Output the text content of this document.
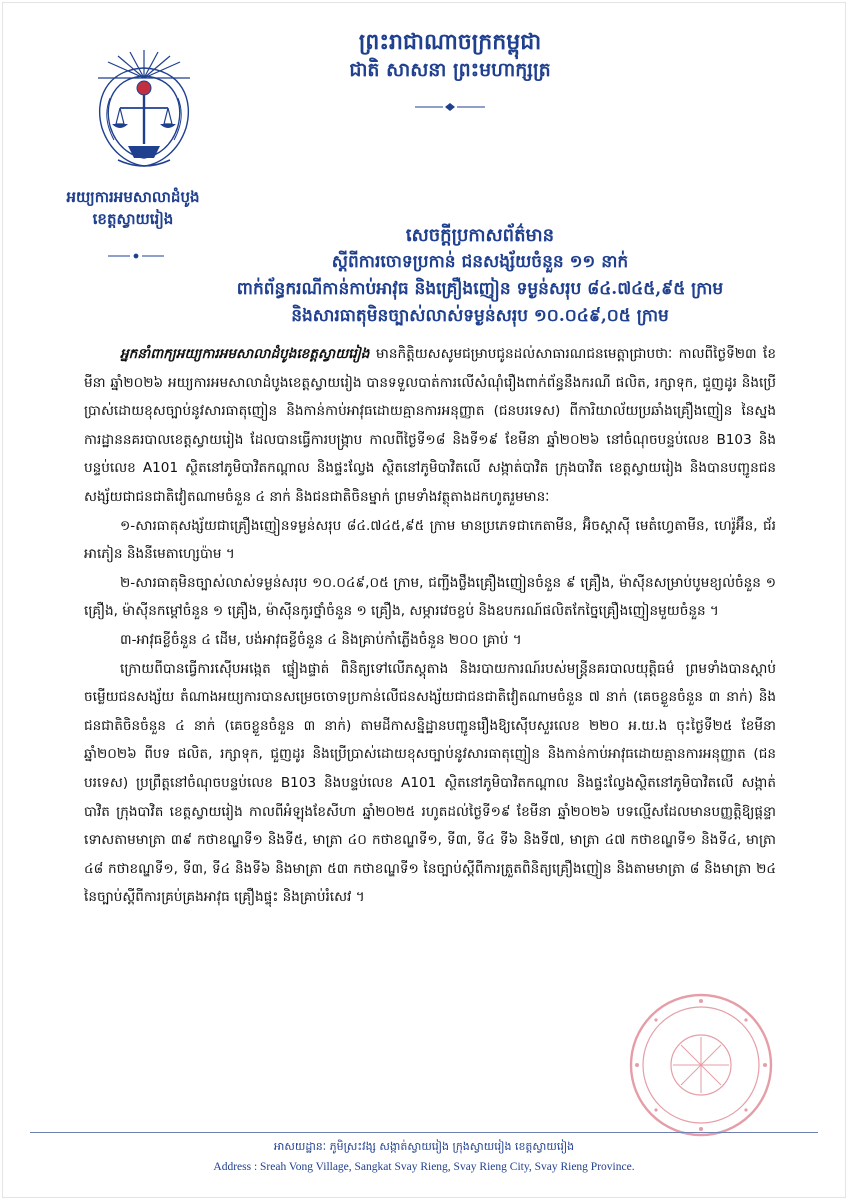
ព្រះរាជាណាចក្រកម្ពុជា
ជាតិ សាសនា ព្រះមហាក្សត្រ
អយ្យការអមសាលាដំបូង
ខេត្តស្វាយរៀង
សេចក្តីប្រកាសព័ត៌មាន
ស្តីពីការចោទប្រកាន់ ជនសង្ស័យចំនួន ១១ នាក់
ពាក់ព័ន្ធករណីកាន់កាប់អាវុធ និងគ្រឿងញៀន ទម្ងន់សរុប ៨៤.៧៤៥,៩៥ ក្រាម
និងសារធាតុមិនច្បាស់លាស់ទម្ងន់សរុប ១០.០៤៩,០៥ ក្រាម

អ្នកនាំពាក្យអយ្យការអមសាលាដំបូងខេត្តស្វាយរៀង មានកិត្តិយសសូមជម្រាបជូនដល់សាធារណជនមេត្តាជ្រាបថាៈ កាលពីថ្ងៃទី២៣ ខែមីនា ឆ្នាំ២០២៦ អយ្យការអមសាលាដំបូងខេត្តស្វាយរៀង បានទទួលបាត់ការលើសំណុំរឿងពាក់ព័ន្ធនឹងករណី ផលិត, រក្សាទុក, ជួញដូរ និងប្រើប្រាស់ដោយខុសច្បាប់នូវសារធាតុញៀន និងកាន់កាប់អាវុធដោយគ្មានការអនុញ្ញាត (ជនបរទេស) ពីការិយាល័យប្រឆាំងគ្រឿងញៀន នៃស្នងការដ្ឋាននគរបាលខេត្តស្វាយរៀង ដែលបានធ្វើការបង្ក្រាប កាលពីថ្ងៃទី១៨ និងទី១៩ ខែមីនា ឆ្នាំ២០២៦ នៅចំណុចបន្ទប់លេខ B103 និងបន្ទប់លេខ A101 ស្ថិតនៅភូមិបាវិតកណ្តាល និងផ្ទះល្វែង ស្ថិតនៅភូមិបាវិតលើ សង្កាត់បាវិត ក្រុងបាវិត ខេត្តស្វាយរៀង និងបានបញ្ជូនជនសង្ស័យជាជនជាតិវៀតណាមចំនួន ៤ នាក់ និងជនជាតិចិនម្នាក់ ព្រមទាំងវត្ថុតាងដកហូតរួមមានៈ

១-សារធាតុសង្ស័យជាគ្រឿងញៀនទម្ងន់សរុប ៨៤.៧៤៥,៩៥ ក្រាម មានប្រភេទជាកេតាមីន, អ៊ិចស្តាស៊ី មេតំហ្វេតាមីន, ហេរ៉ូអ៊ីន, ជ័រអាភៀន និងនីមេតាហ្សេប៉ាម ។

២-សារធាតុមិនច្បាស់លាស់ទម្ងន់សរុប ១០.០៤៩,០៥ ក្រាម, ជញ្ជីងថ្លឹងគ្រឿងញៀនចំនួន ៩ គ្រឿង, ម៉ាស៊ីនសម្រាប់បូមខ្យល់ចំនួន ១ គ្រឿង, ម៉ាស៊ីនកម្តៅចំនួន ១ គ្រឿង, ម៉ាស៊ីនកូរថ្នាំចំនួន ១ គ្រឿង, សម្ភារវេចខ្ចប់ និងឧបករណ៍ផលិតកែច្នៃគ្រឿងញៀនមួយចំនួន ។

៣-អាវុធខ្លីចំនួន ៤ ដើម, បង់អាវុធខ្លីចំនួន ៤ និងគ្រាប់កាំភ្លើងចំនួន ២០០ គ្រាប់ ។

ក្រោយពីបានធ្វើការស៊ើបអង្កេត ផ្ទៀងផ្ទាត់ ពិនិត្យទៅលើភស្តុតាង និងរបាយការណ៍របស់មន្ត្រីនគរបាលយុត្តិធម៌ ព្រមទាំងបានស្តាប់ចម្លើយជនសង្ស័យ តំណាងអយ្យការបានសម្រេចចោទប្រកាន់លើជនសង្ស័យជាជនជាតិវៀតណាមចំនួន ៧ នាក់ (គេចខ្លួនចំនួន ៣ នាក់) និងជនជាតិចិនចំនួន ៤ នាក់ (គេចខ្លួនចំនួន ៣ នាក់) តាមដីកាសន្និដ្ឋានបញ្ជូនរឿងឱ្យស៊ើបសួរលេខ ២២០ អ.យ.ង ចុះថ្ងៃទី២៥ ខែមីនា ឆ្នាំ២០២៦ ពីបទ ផលិត, រក្សាទុក, ជួញដូរ និងប្រើប្រាស់ដោយខុសច្បាប់នូវសារធាតុញៀន និងកាន់កាប់អាវុធដោយគ្មានការអនុញ្ញាត (ជនបរទេស) ប្រព្រឹត្តនៅចំណុចបន្ទប់លេខ B103 និងបន្ទប់លេខ A101 ស្ថិតនៅភូមិបាវិតកណ្តាល និងផ្ទះល្វែងស្ថិតនៅភូមិបាវិតលើ សង្កាត់បាវិត ក្រុងបាវិត ខេត្តស្វាយរៀង កាលពីអំឡុងខែសីហា ឆ្នាំ២០២៥ រហូតដល់ថ្ងៃទី១៩ ខែមីនា ឆ្នាំ២០២៦ បទល្មើសដែលមានបញ្ញត្តិឱ្យផ្តន្ទាទោសតាមមាត្រា ៣៩ កថាខណ្ឌទី១ និងទី៥, មាត្រា ៤០ កថាខណ្ឌទី១, ទី៣, ទី៤ ទី៦ និងទី៧, មាត្រា ៤៧ កថាខណ្ឌទី១ និងទី៤, មាត្រា ៤៨ កថាខណ្ឌទី១, ទី៣, ទី៤ និងទី៦ និងមាត្រា ៥៣ កថាខណ្ឌទី១ នៃច្បាប់ស្តីពីការត្រួតពិនិត្យគ្រឿងញៀន និងតាមមាត្រា ៨ និងមាត្រា ២៤ នៃច្បាប់ស្តីពីការគ្រប់គ្រងអាវុធ គ្រឿងផ្ទុះ និងគ្រាប់រំសេវ ។

អាសយដ្ឋានៈ ភូមិស្រះវង្ស សង្កាត់ស្វាយរៀង ក្រុងស្វាយរៀង ខេត្តស្វាយរៀង
Address : Sreah Vong Village, Sangkat Svay Rieng, Svay Rieng City, Svay Rieng Province.
